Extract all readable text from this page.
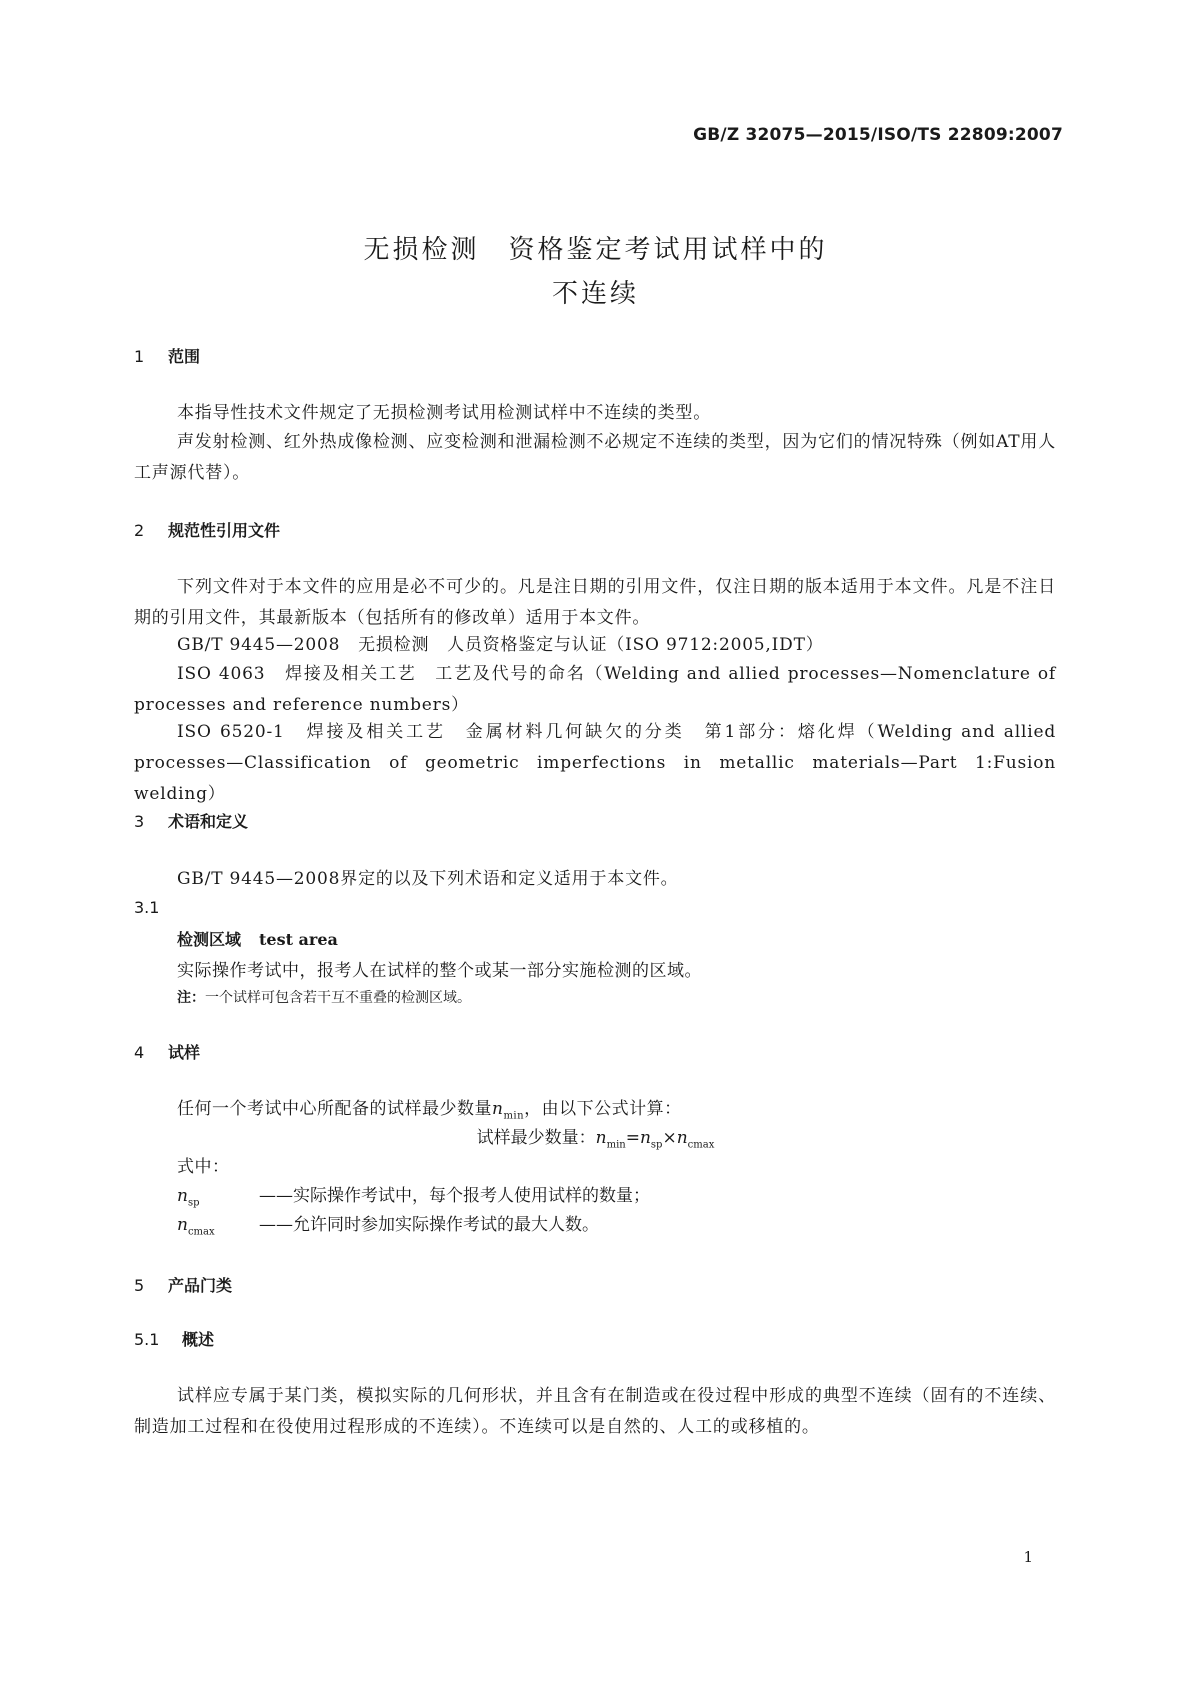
GB/Z 32075—2015/ISO/TS 22809:2007
无损检测　资格鉴定考试用试样中的
不连续
1 范围
本指导性技术文件规定了无损检测考试用检测试样中不连续的类型。
声发射检测、红外热成像检测、应变检测和泄漏检测不必规定不连续的类型，因为它们的情况特殊（例如AT用人工声源代替）。
2 规范性引用文件
下列文件对于本文件的应用是必不可少的。凡是注日期的引用文件，仅注日期的版本适用于本文件。凡是不注日期的引用文件，其最新版本（包括所有的修改单）适用于本文件。
GB/T 9445—2008　无损检测　人员资格鉴定与认证（ISO 9712:2005,IDT）
ISO 4063　焊接及相关工艺　工艺及代号的命名（Welding and allied processes—Nomenclature of processes and reference numbers）
ISO 6520-1　焊接及相关工艺　金属材料几何缺欠的分类　第1部分：熔化焊（Welding and allied processes—Classification of geometric imperfections in metallic materials—Part 1:Fusion welding）
3 术语和定义
GB/T 9445—2008界定的以及下列术语和定义适用于本文件。
3.1
检测区域 test area
实际操作考试中，报考人在试样的整个或某一部分实施检测的区域。
注：一个试样可包含若干互不重叠的检测区域。
4 试样
任何一个考试中心所配备的试样最少数量$n_{min}$，由以下公式计算：
试样最少数量：$n_{min}=n_{sp}\times n_{cmax}$
式中：
$n_{sp}$	——实际操作考试中，每个报考人使用试样的数量；
$n_{cmax}$	——允许同时参加实际操作考试的最大人数。
5 产品门类
5.1 概述
试样应专属于某门类，模拟实际的几何形状，并且含有在制造或在役过程中形成的典型不连续（固有的不连续、制造加工过程和在役使用过程形成的不连续）。不连续可以是自然的、人工的或移植的。
1
